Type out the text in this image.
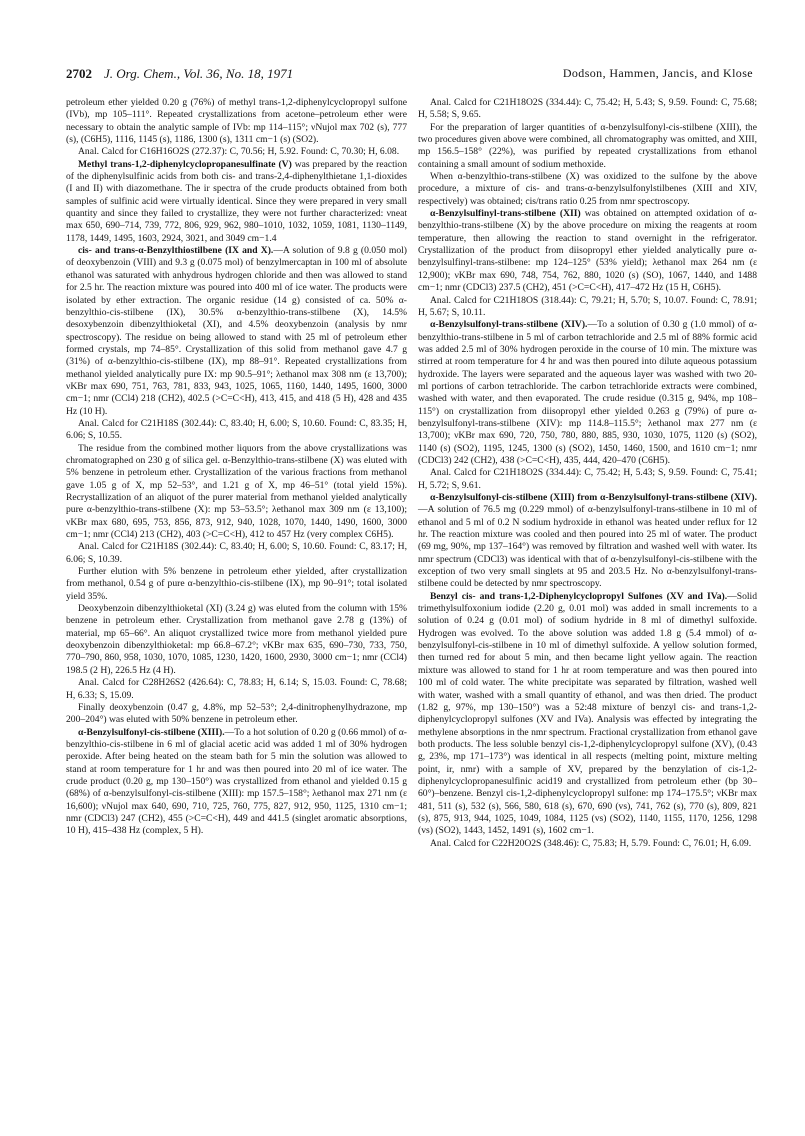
2702 J. Org. Chem., Vol. 36, No. 18, 1971	Dodson, Hammen, Jancis, and Klose

petroleum ether yielded 0.20 g (76%) of methyl trans-1,2-diphenylcyclopropyl sulfone (IVb), mp 105–111°. Repeated crystallizations from acetone–petroleum ether were necessary to obtain the analytic sample of IVb: mp 114–115°; νNujol max 702 (s), 777 (s), (C6H5), 1116, 1145 (s), 1186, 1300 (s), 1311 cm−1 (s) (SO2).

Anal. Calcd for C16H16O2S (272.37): C, 70.56; H, 5.92. Found: C, 70.30; H, 6.08.

Methyl trans-1,2-diphenylcyclopropanesulfinate (V) was prepared by the reaction of the diphenylsulfinic acids from both cis- and trans-2,4-diphenylthietane 1,1-dioxides (I and II) with diazomethane. The ir spectra of the crude products obtained from both samples of sulfinic acid were virtually identical. Since they were prepared in very small quantity and since they failed to crystallize, they were not further characterized: νneat max 650, 690–714, 739, 772, 806, 929, 962, 980–1010, 1032, 1059, 1081, 1130–1149, 1178, 1449, 1495, 1603, 2924, 3021, and 3049 cm−1.4

cis- and trans-α-Benzylthiostilbene (IX and X).—A solution of 9.8 g (0.050 mol) of deoxybenzoin (VIII) and 9.3 g (0.075 mol) of benzylmercaptan in 100 ml of absolute ethanol was saturated with anhydrous hydrogen chloride and then was allowed to stand for 2.5 hr. The reaction mixture was poured into 400 ml of ice water. The products were isolated by ether extraction. The organic residue (14 g) consisted of ca. 50% α-benzylthio-cis-stilbene (IX), 30.5% α-benzylthio-trans-stilbene (X), 14.5% desoxybenzoin dibenzylthioketal (XI), and 4.5% deoxybenzoin (analysis by nmr spectroscopy). The residue on being allowed to stand with 25 ml of petroleum ether formed crystals, mp 74–85°. Crystallization of this solid from methanol gave 4.7 g (31%) of α-benzylthio-cis-stilbene (IX), mp 88–91°. Repeated crystallizations from methanol yielded analytically pure IX: mp 90.5–91°; λethanol max 308 nm (ε 13,700); νKBr max 690, 751, 763, 781, 833, 943, 1025, 1065, 1160, 1440, 1495, 1600, 3000 cm−1; nmr (CCl4) 218 (CH2), 402.5 (>C=C<H), 413, 415, and 418 (5 H), 428 and 435 Hz (10 H).

Anal. Calcd for C21H18S (302.44): C, 83.40; H, 6.00; S, 10.60. Found: C, 83.35; H, 6.06; S, 10.55.

The residue from the combined mother liquors from the above crystallizations was chromatographed on 230 g of silica gel. α-Benzylthio-trans-stilbene (X) was eluted with 5% benzene in petroleum ether. Crystallization of the various fractions from methanol gave 1.05 g of X, mp 52–53°, and 1.21 g of X, mp 46–51° (total yield 15%). Recrystallization of an aliquot of the purer material from methanol yielded analytically pure α-benzylthio-trans-stilbene (X): mp 53–53.5°; λethanol max 309 nm (ε 13,100); νKBr max 680, 695, 753, 856, 873, 912, 940, 1028, 1070, 1440, 1490, 1600, 3000 cm−1; nmr (CCl4) 213 (CH2), 403 (>C=C<H), 412 to 457 Hz (very complex C6H5).

Anal. Calcd for C21H18S (302.44): C, 83.40; H, 6.00; S, 10.60. Found: C, 83.17; H, 6.06; S, 10.39.

Further elution with 5% benzene in petroleum ether yielded, after crystallization from methanol, 0.54 g of pure α-benzylthio-cis-stilbene (IX), mp 90–91°; total isolated yield 35%.

Deoxybenzoin dibenzylthioketal (XI) (3.24 g) was eluted from the column with 15% benzene in petroleum ether. Crystallization from methanol gave 2.78 g (13%) of material, mp 65–66°. An aliquot crystallized twice more from methanol yielded pure deoxybenzoin dibenzylthioketal: mp 66.8–67.2°; νKBr max 635, 690–730, 733, 750, 770–790, 860, 958, 1030, 1070, 1085, 1230, 1420, 1600, 2930, 3000 cm−1; nmr (CCl4) 198.5 (2 H), 226.5 Hz (4 H).

Anal. Calcd for C28H26S2 (426.64): C, 78.83; H, 6.14; S, 15.03. Found: C, 78.68; H, 6.33; S, 15.09.

Finally deoxybenzoin (0.47 g, 4.8%, mp 52–53°; 2,4-dinitrophenylhydrazone, mp 200–204°) was eluted with 50% benzene in petroleum ether.

α-Benzylsulfonyl-cis-stilbene (XIII).—To a hot solution of 0.20 g (0.66 mmol) of α-benzylthio-cis-stilbene in 6 ml of glacial acetic acid was added 1 ml of 30% hydrogen peroxide. After being heated on the steam bath for 5 min the solution was allowed to stand at room temperature for 1 hr and was then poured into 20 ml of ice water. The crude product (0.20 g, mp 130–150°) was crystallized from ethanol and yielded 0.15 g (68%) of α-benzylsulfonyl-cis-stilbene (XIII): mp 157.5–158°; λethanol max 271 nm (ε 16,600); νNujol max 640, 690, 710, 725, 760, 775, 827, 912, 950, 1125, 1310 cm−1; nmr (CDCl3) 247 (CH2), 455 (>C=C<H), 449 and 441.5 (singlet aromatic absorptions, 10 H), 415–438 Hz (complex, 5 H).

Anal. Calcd for C21H18O2S (334.44): C, 75.42; H, 5.43; S, 9.59. Found: C, 75.68; H, 5.58; S, 9.65.

For the preparation of larger quantities of α-benzylsulfonyl-cis-stilbene (XIII), the two procedures given above were combined, all chromatography was omitted, and XIII, mp 156.5–158° (22%), was purified by repeated crystallizations from ethanol containing a small amount of sodium methoxide.

When α-benzylthio-trans-stilbene (X) was oxidized to the sulfone by the above procedure, a mixture of cis- and trans-α-benzylsulfonylstilbenes (XIII and XIV, respectively) was obtained; cis/trans ratio 0.25 from nmr spectroscopy.

α-Benzylsulfinyl-trans-stilbene (XII) was obtained on attempted oxidation of α-benzylthio-trans-stilbene (X) by the above procedure on mixing the reagents at room temperature, then allowing the reaction to stand overnight in the refrigerator. Crystallization of the product from diisopropyl ether yielded analytically pure α-benzylsulfinyl-trans-stilbene: mp 124–125° (53% yield); λethanol max 264 nm (ε 12,900); νKBr max 690, 748, 754, 762, 880, 1020 (s) (SO), 1067, 1440, and 1488 cm−1; nmr (CDCl3) 237.5 (CH2), 451 (>C=C<H), 417–472 Hz (15 H, C6H5).

Anal. Calcd for C21H18OS (318.44): C, 79.21; H, 5.70; S, 10.07. Found: C, 78.91; H, 5.67; S, 10.11.

α-Benzylsulfonyl-trans-stilbene (XIV).—To a solution of 0.30 g (1.0 mmol) of α-benzylthio-trans-stilbene in 5 ml of carbon tetrachloride and 2.5 ml of 88% formic acid was added 2.5 ml of 30% hydrogen peroxide in the course of 10 min. The mixture was stirred at room temperature for 4 hr and was then poured into dilute aqueous potassium hydroxide. The layers were separated and the aqueous layer was washed with two 20-ml portions of carbon tetrachloride. The carbon tetrachloride extracts were combined, washed with water, and then evaporated. The crude residue (0.315 g, 94%, mp 108–115°) on crystallization from diisopropyl ether yielded 0.263 g (79%) of pure α-benzylsulfonyl-trans-stilbene (XIV): mp 114.8–115.5°; λethanol max 277 nm (ε 13,700); νKBr max 690, 720, 750, 780, 880, 885, 930, 1030, 1075, 1120 (s) (SO2), 1140 (s) (SO2), 1195, 1245, 1300 (s) (SO2), 1450, 1460, 1500, and 1610 cm−1; nmr (CDCl3) 242 (CH2), 438 (>C=C<H), 435, 444, 420–470 (C6H5).

Anal. Calcd for C21H18O2S (334.44): C, 75.42; H, 5.43; S, 9.59. Found: C, 75.41; H, 5.72; S, 9.61.

α-Benzylsulfonyl-cis-stilbene (XIII) from α-Benzylsulfonyl-trans-stilbene (XIV).—A solution of 76.5 mg (0.229 mmol) of α-benzylsulfonyl-trans-stilbene in 10 ml of ethanol and 5 ml of 0.2 N sodium hydroxide in ethanol was heated under reflux for 12 hr. The reaction mixture was cooled and then poured into 25 ml of water. The product (69 mg, 90%, mp 137–164°) was removed by filtration and washed well with water. Its nmr spectrum (CDCl3) was identical with that of α-benzylsulfonyl-cis-stilbene with the exception of two very small singlets at 95 and 203.5 Hz. No α-benzylsulfonyl-trans-stilbene could be detected by nmr spectroscopy.

Benzyl cis- and trans-1,2-Diphenylcyclopropyl Sulfones (XV and IVa).—Solid trimethylsulfoxonium iodide (2.20 g, 0.01 mol) was added in small increments to a solution of 0.24 g (0.01 mol) of sodium hydride in 8 ml of dimethyl sulfoxide. Hydrogen was evolved. To the above solution was added 1.8 g (5.4 mmol) of α-benzylsulfonyl-cis-stilbene in 10 ml of dimethyl sulfoxide. A yellow solution formed, then turned red for about 5 min, and then became light yellow again. The reaction mixture was allowed to stand for 1 hr at room temperature and was then poured into 100 ml of cold water. The white precipitate was separated by filtration, washed well with water, washed with a small quantity of ethanol, and was then dried. The product (1.82 g, 97%, mp 130–150°) was a 52:48 mixture of benzyl cis- and trans-1,2-diphenylcyclopropyl sulfones (XV and IVa). Analysis was effected by integrating the methylene absorptions in the nmr spectrum. Fractional crystallization from ethanol gave both products. The less soluble benzyl cis-1,2-diphenylcyclopropyl sulfone (XV), (0.43 g, 23%, mp 171–173°) was identical in all respects (melting point, mixture melting point, ir, nmr) with a sample of XV, prepared by the benzylation of cis-1,2-diphenylcyclopropanesulfinic acid19 and crystallized from petroleum ether (bp 30–60°)–benzene. Benzyl cis-1,2-diphenylcyclopropyl sulfone: mp 174–175.5°; νKBr max 481, 511 (s), 532 (s), 566, 580, 618 (s), 670, 690 (vs), 741, 762 (s), 770 (s), 809, 821 (s), 875, 913, 944, 1025, 1049, 1084, 1125 (vs) (SO2), 1140, 1155, 1170, 1256, 1298 (vs) (SO2), 1443, 1452, 1491 (s), 1602 cm−1.

Anal. Calcd for C22H20O2S (348.46): C, 75.83; H, 5.79. Found: C, 76.01; H, 6.09.
